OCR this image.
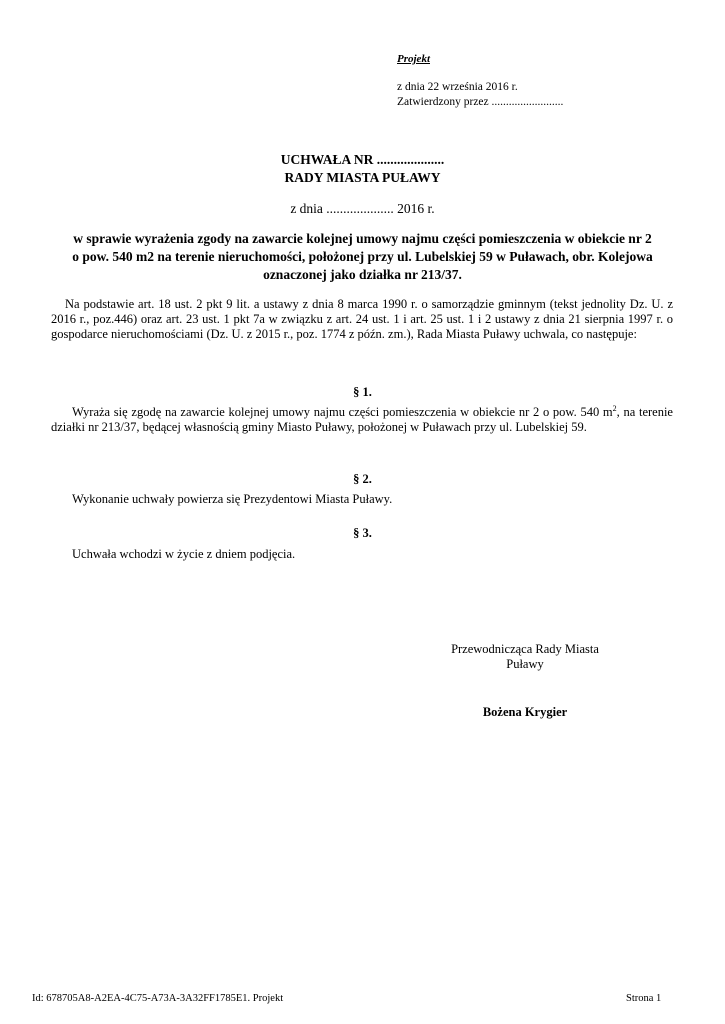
Projekt
z dnia 22 września 2016 r.
Zatwierdzony przez .........................
UCHWAŁA NR ....................
RADY MIASTA PUŁAWY
z dnia .................... 2016 r.
w sprawie wyrażenia zgody na zawarcie kolejnej umowy najmu części pomieszczenia w obiekcie nr 2
o pow. 540 m2 na terenie nieruchomości, położonej przy ul. Lubelskiej 59 w Puławach, obr. Kolejowa
oznaczonej jako działka nr 213/37.
Na podstawie art. 18 ust. 2 pkt 9 lit. a ustawy z dnia 8 marca 1990 r. o samorządzie gminnym (tekst jednolity Dz. U. z 2016 r., poz.446) oraz art. 23 ust. 1 pkt 7a w związku z art. 24 ust. 1 i art. 25 ust. 1 i 2 ustawy z dnia 21 sierpnia 1997 r. o gospodarce nieruchomościami (Dz. U. z 2015 r., poz. 1774 z późn. zm.), Rada Miasta Puławy uchwala, co następuje:
§ 1.
Wyraża się zgodę na zawarcie kolejnej umowy najmu części pomieszczenia w obiekcie nr 2 o pow. 540 $m^2$, na terenie działki nr 213/37, będącej własnością gminy Miasto Puławy, położonej w Puławach przy ul. Lubelskiej 59.
§ 2.
Wykonanie uchwały powierza się Prezydentowi Miasta Puławy.
§ 3.
Uchwała wchodzi w życie z dniem podjęcia.
Przewodnicząca Rady Miasta
Puławy
Bożena Krygier
Id: 678705A8-A2EA-4C75-A73A-3A32FF1785E1. Projekt	Strona 1
